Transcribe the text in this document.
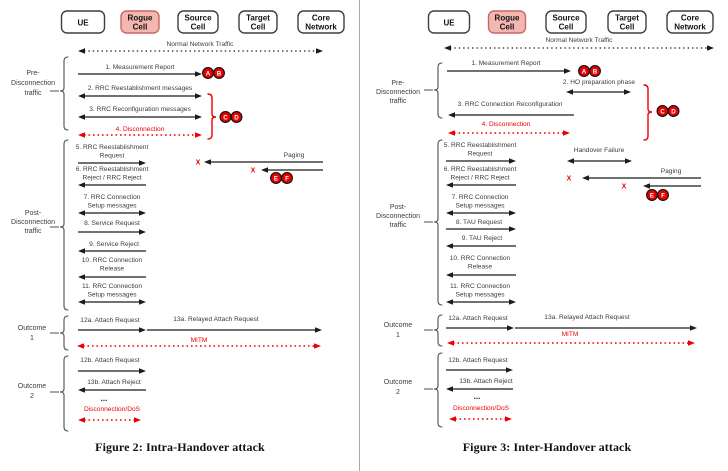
UE
Rogue
Cell
Source
Cell
Target
Cell
Core
Network
Normal Network Traffic
1. Measurement Report
2. RRC Reestablishment messages
3. RRC Reconfiguration messages
4. Disconnection
5. RRC Reestablishment
Request	Paging
6. RRC Reestablishment
Reject / RRC Reject
7. RRC Connection
Setup messages
8. Service Request
9. Service Reject
10. RRC Connection
Release
11. RRC Connection
Setup messages
12a. Attach Request	13a. Relayed Attach Request
MITM
12b. Attach Request
13b. Attach Reject
...
Disconnection/DoS
Pre-
Disconnection
traffic
Post-
Disconnection
traffic
Outcome
1
Outcome
2
X
X
A B
C D
E F
UE
Rogue
Cell
Source
Cell
Target
Cell
Core
Network
Normal Network Traffic
1. Measurement Report
2. HO preparation phase
3. RRC Connection Reconfiguration
4. Disconnection
5. RRC Reestablishment
Request	Handover Failure
6. RRC Reestablishment
Reject / RRC Reject
Paging
7. RRC Connection
Setup messages
8. TAU Request
9. TAU Reject
10. RRC Connection
Release
11. RRC Connection
Setup messages
12a. Attach Request	13a. Relayed Attach Request
MITM
12b. Attach Request
13b. Attach Reject
...
Disconnection/DoS
Pre-
Disconnection
traffic
Post-
Disconnection
traffic
Outcome
1
Outcome
2
X
X
A B
C D
E F
Figure 2: Intra-Handover attack	Figure 3: Inter-Handover attack
